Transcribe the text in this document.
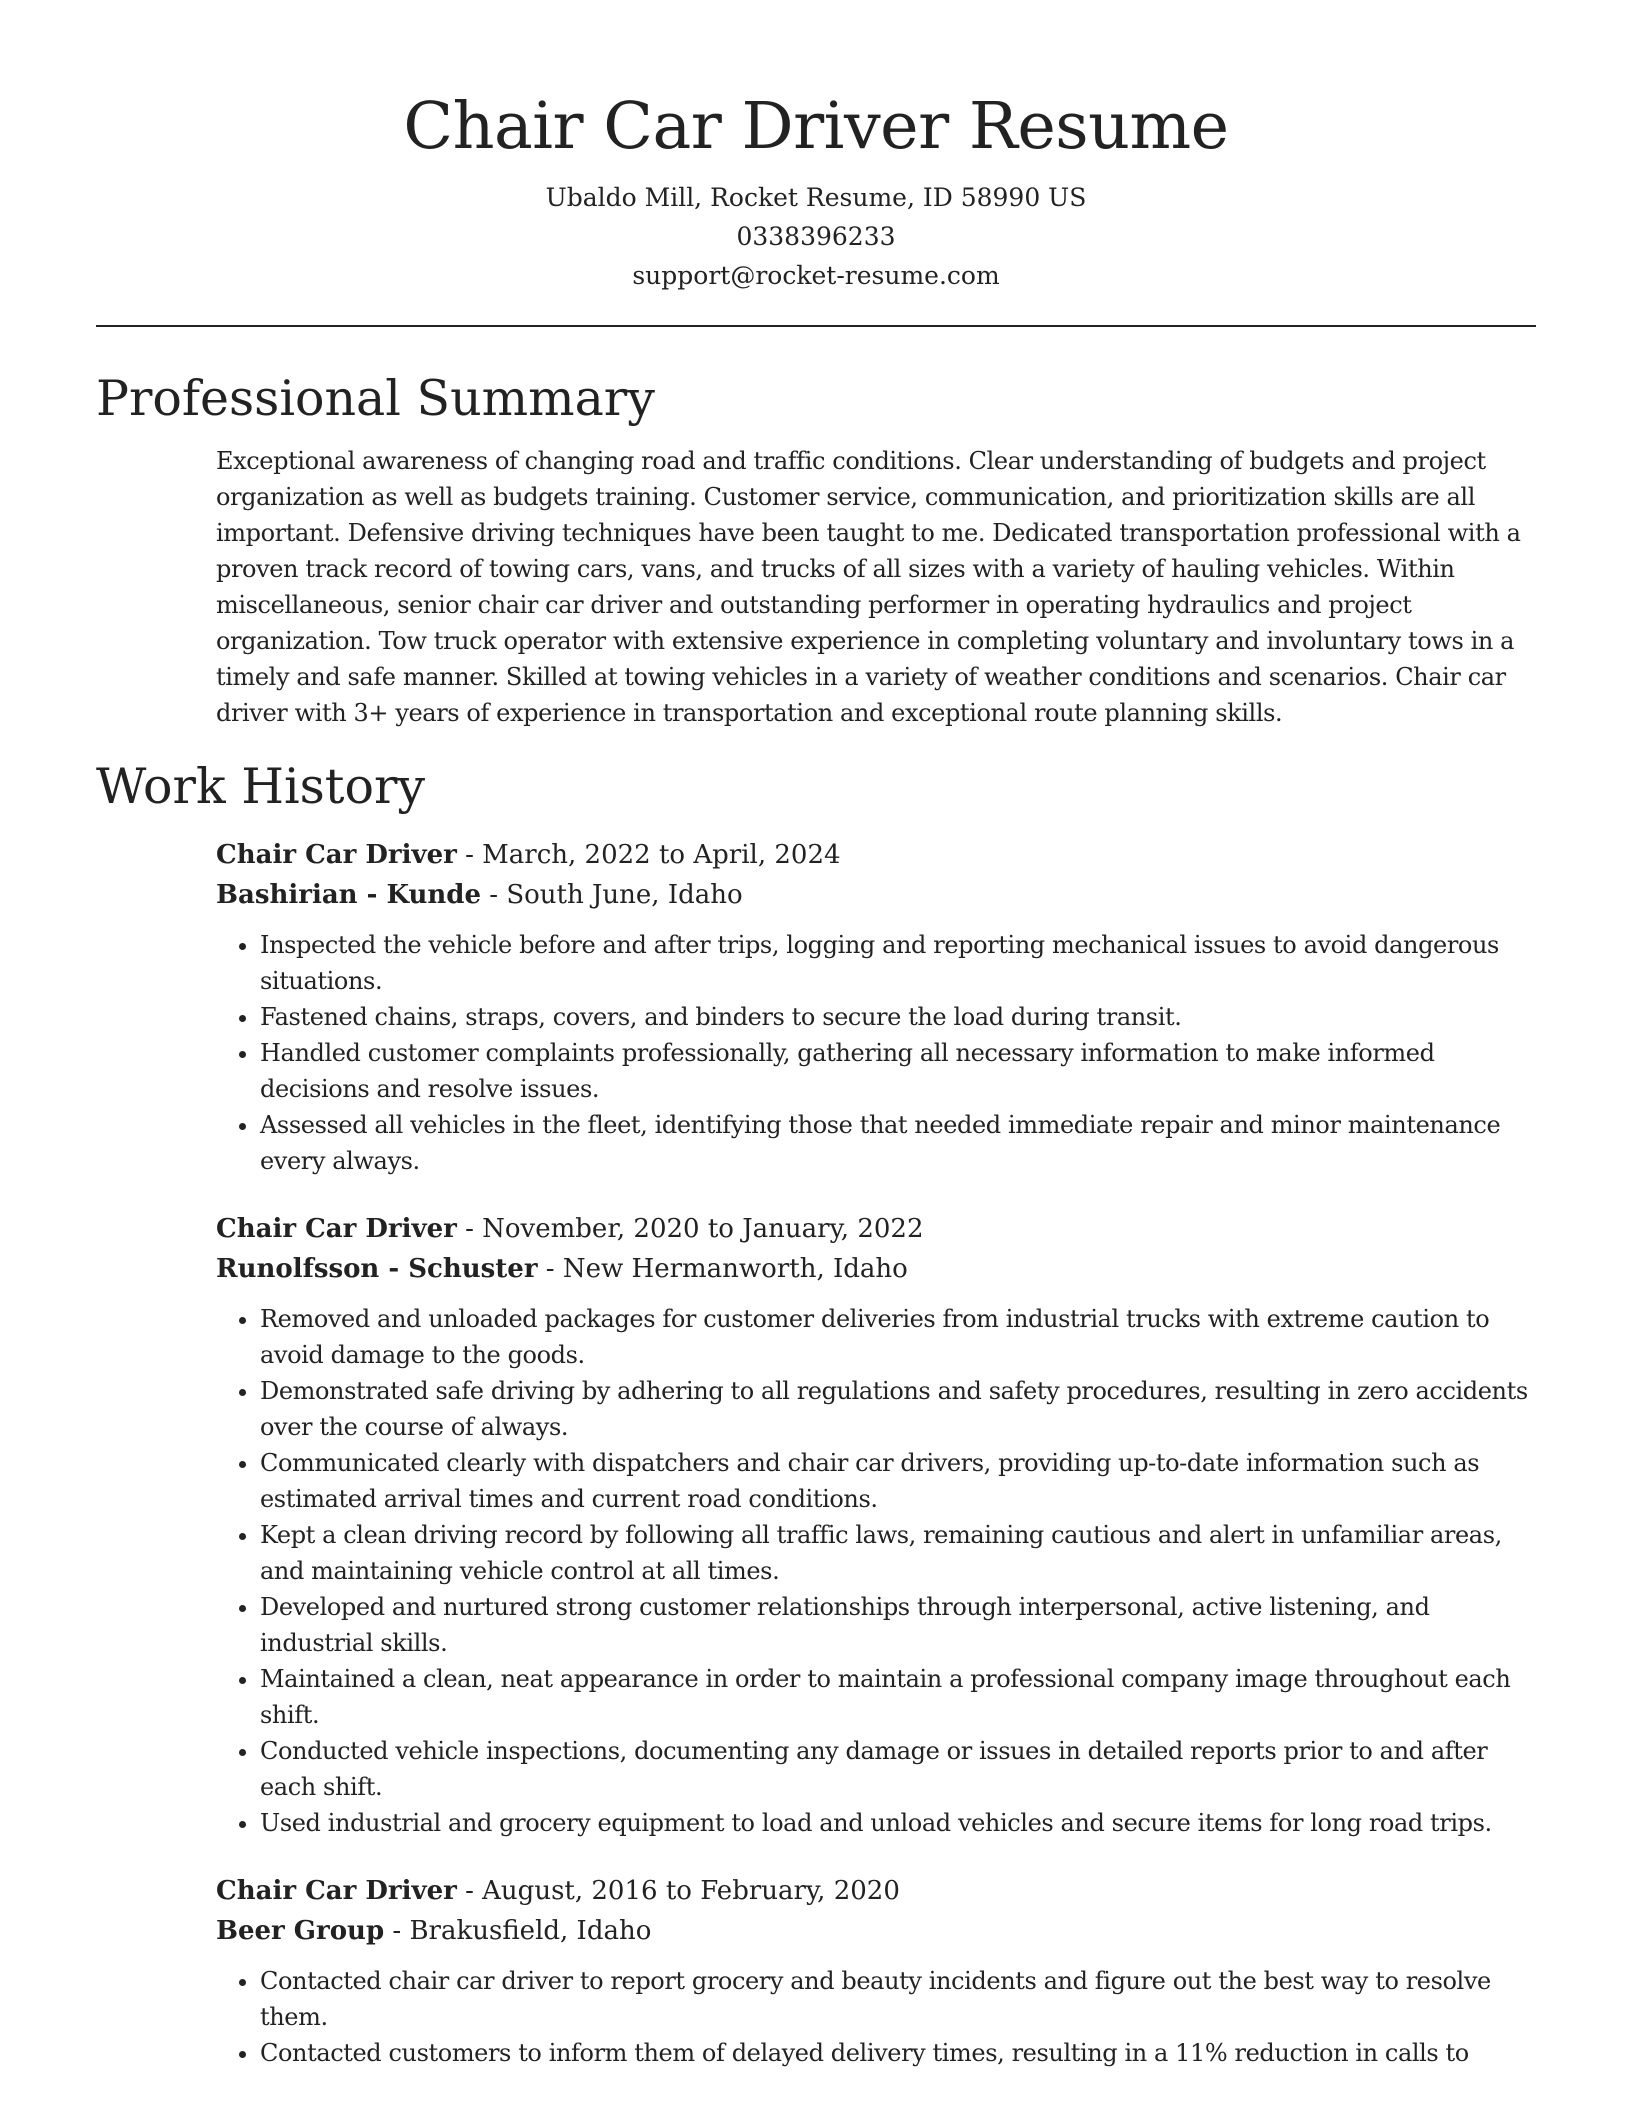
Chair Car Driver Resume
Ubaldo Mill, Rocket Resume, ID 58990 US
0338396233
support@rocket-resume.com
Professional Summary

Exceptional awareness of changing road and traffic conditions. Clear understanding of budgets and project organization as well as budgets training. Customer service, communication, and prioritization skills are all important. Defensive driving techniques have been taught to me. Dedicated transportation professional with a proven track record of towing cars, vans, and trucks of all sizes with a variety of hauling vehicles. Within miscellaneous, senior chair car driver and outstanding performer in operating hydraulics and project organization. Tow truck operator with extensive experience in completing voluntary and involuntary tows in a timely and safe manner. Skilled at towing vehicles in a variety of weather conditions and scenarios. Chair car driver with 3+ years of experience in transportation and exceptional route planning skills.

Work History
Chair Car Driver - March, 2022 to April, 2024
Bashirian - Kunde - South June, Idaho
• Inspected the vehicle before and after trips, logging and reporting mechanical issues to avoid dangerous situations.
• Fastened chains, straps, covers, and binders to secure the load during transit.
• Handled customer complaints professionally, gathering all necessary information to make informed decisions and resolve issues.
• Assessed all vehicles in the fleet, identifying those that needed immediate repair and minor maintenance every always.
Chair Car Driver - November, 2020 to January, 2022
Runolfsson - Schuster - New Hermanworth, Idaho
• Removed and unloaded packages for customer deliveries from industrial trucks with extreme caution to avoid damage to the goods.
• Demonstrated safe driving by adhering to all regulations and safety procedures, resulting in zero accidents over the course of always.
• Communicated clearly with dispatchers and chair car drivers, providing up-to-date information such as estimated arrival times and current road conditions.
• Kept a clean driving record by following all traffic laws, remaining cautious and alert in unfamiliar areas, and maintaining vehicle control at all times.
• Developed and nurtured strong customer relationships through interpersonal, active listening, and industrial skills.
• Maintained a clean, neat appearance in order to maintain a professional company image throughout each shift.
• Conducted vehicle inspections, documenting any damage or issues in detailed reports prior to and after each shift.
• Used industrial and grocery equipment to load and unload vehicles and secure items for long road trips.
Chair Car Driver - August, 2016 to February, 2020
Beer Group - Brakusfield, Idaho
• Contacted chair car driver to report grocery and beauty incidents and figure out the best way to resolve them.
• Contacted customers to inform them of delayed delivery times, resulting in a 11% reduction in calls to
